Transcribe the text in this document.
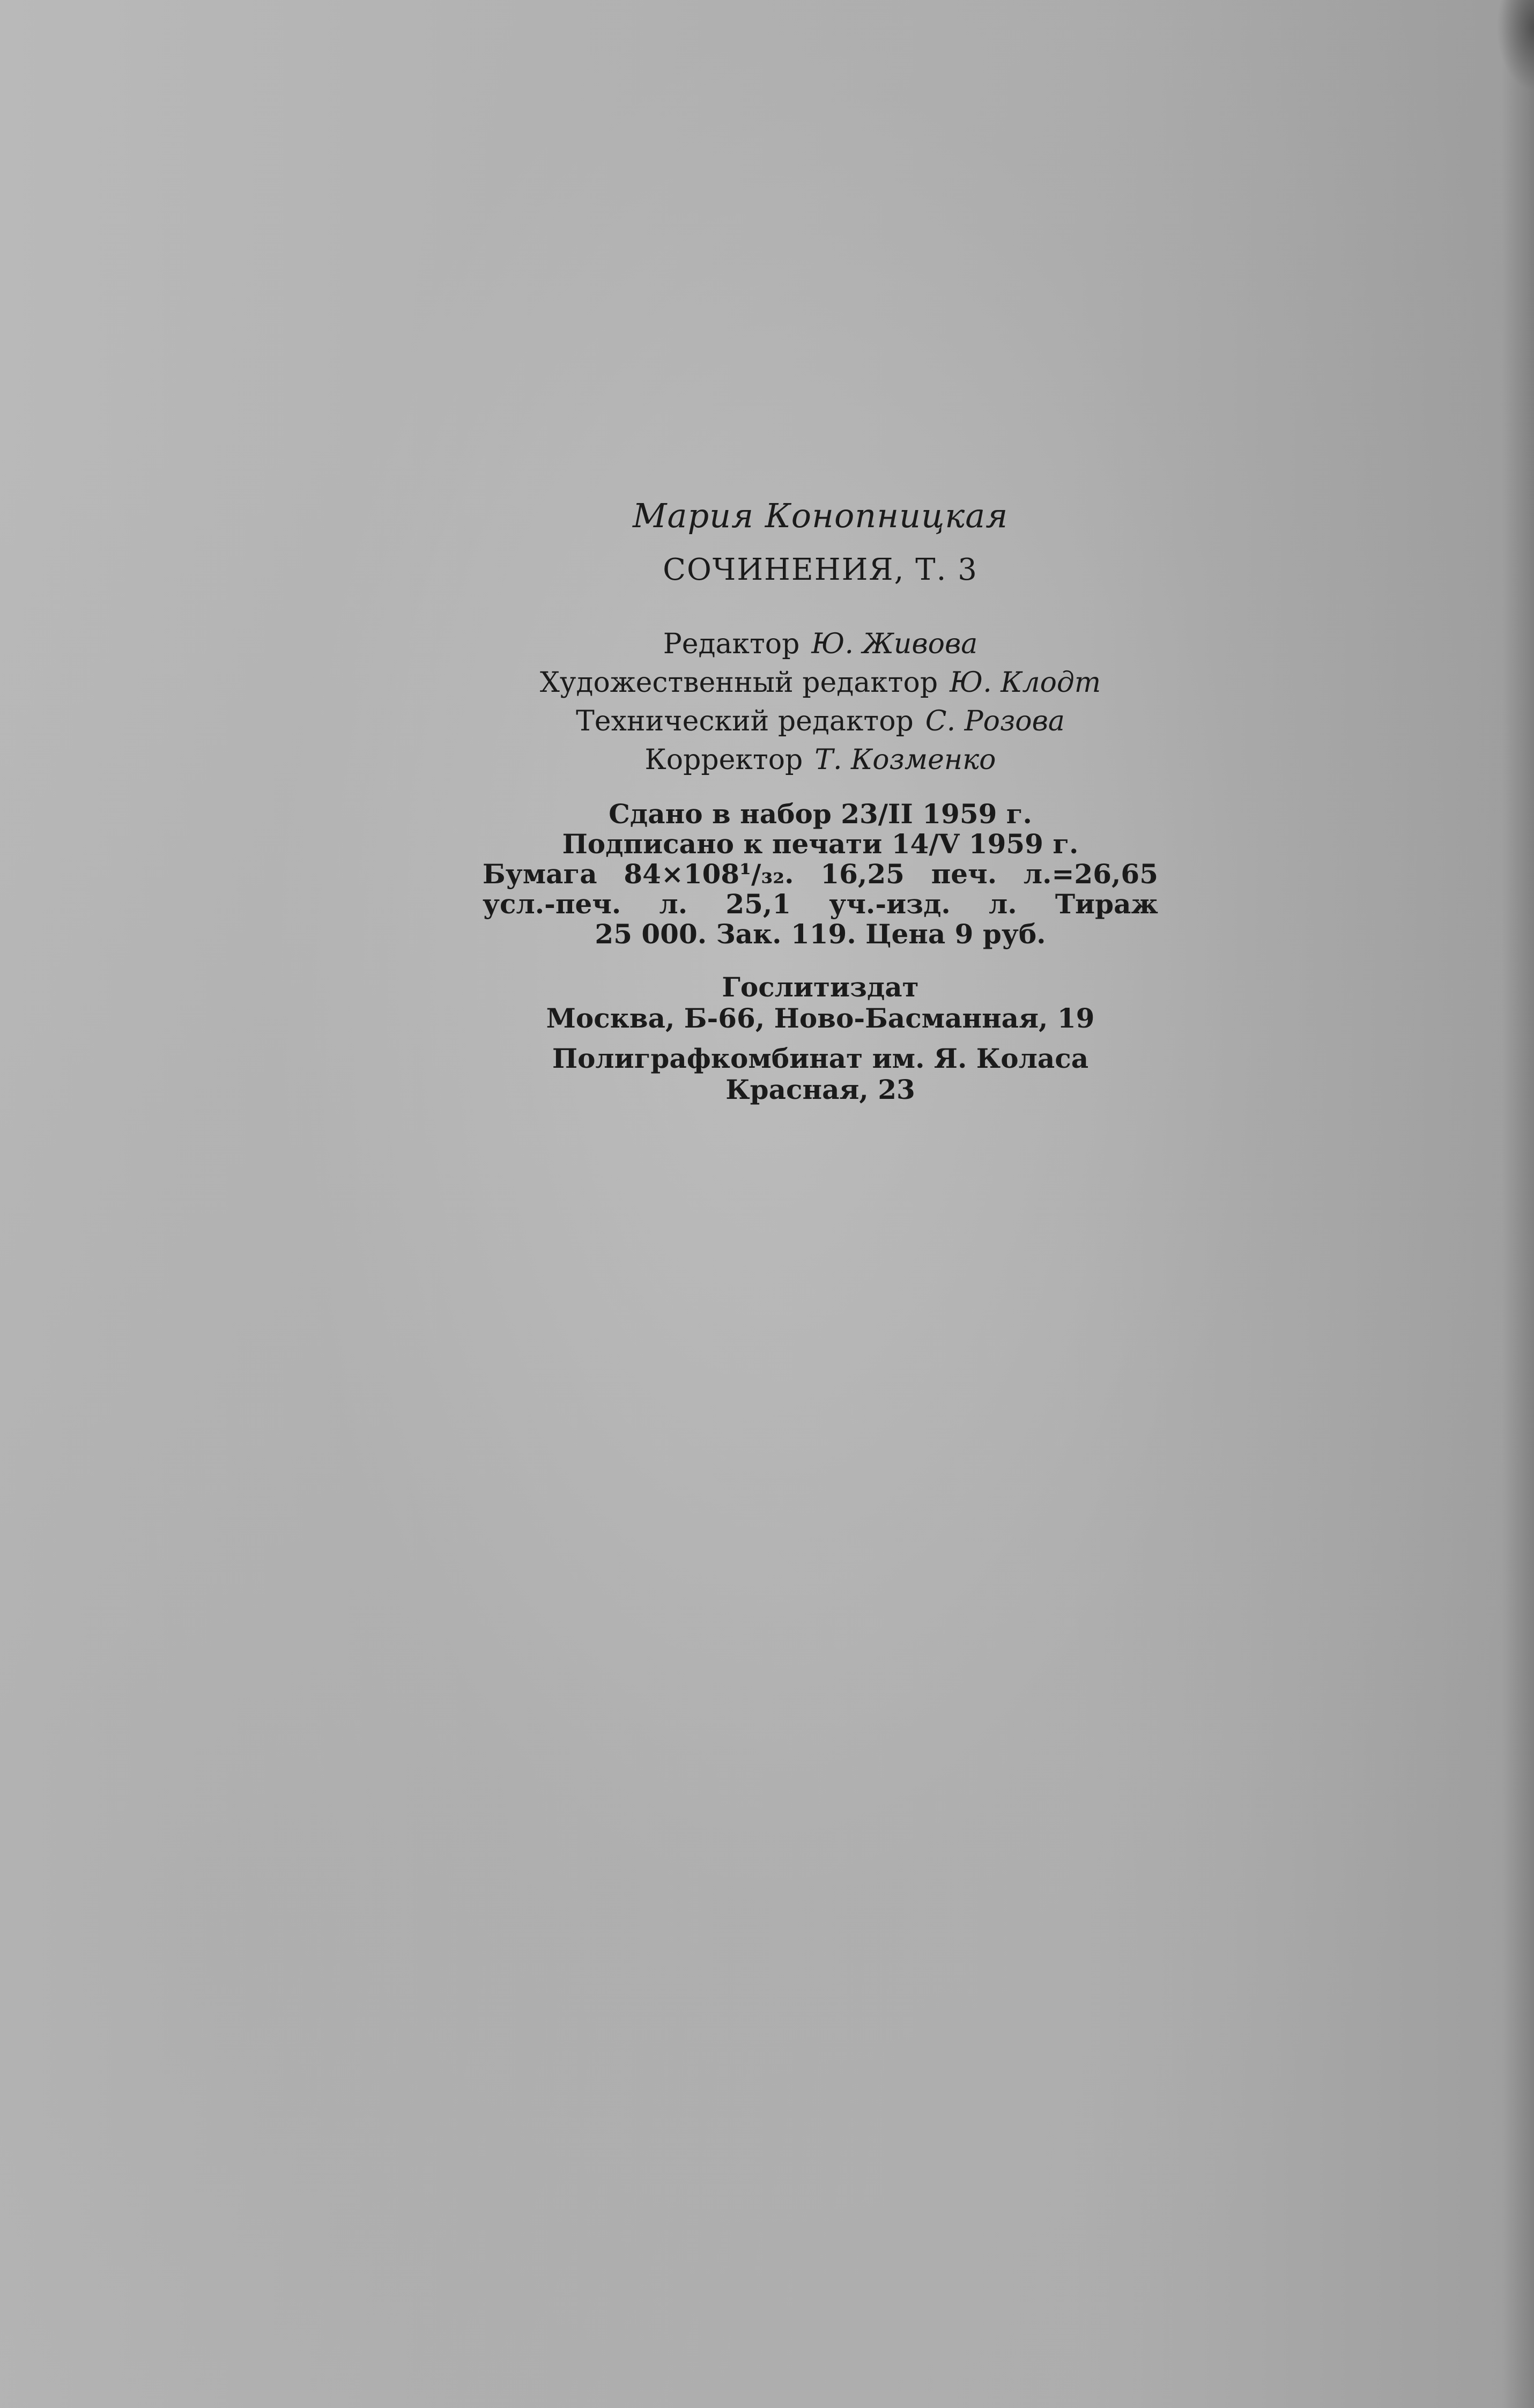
Мария Конопницкая
СОЧИНЕНИЯ, Т. 3
Редактор Ю. Живова
Художественный редактор Ю. Клодт
Технический редактор С. Розова
Корректор Т. Козменко
Сдано в набор 23/II 1959 г.
Подписано к печати 14/V 1959 г.
Бумага 84×108¹/₃₂. 16,25 печ. л.=26,65
усл.-печ. л. 25,1 уч.-изд. л. Тираж
25 000. Зак. 119. Цена 9 руб.
Гослитиздат
Москва, Б-66, Ново-Басманная, 19
Полиграфкомбинат им. Я. Коласа
Красная, 23
